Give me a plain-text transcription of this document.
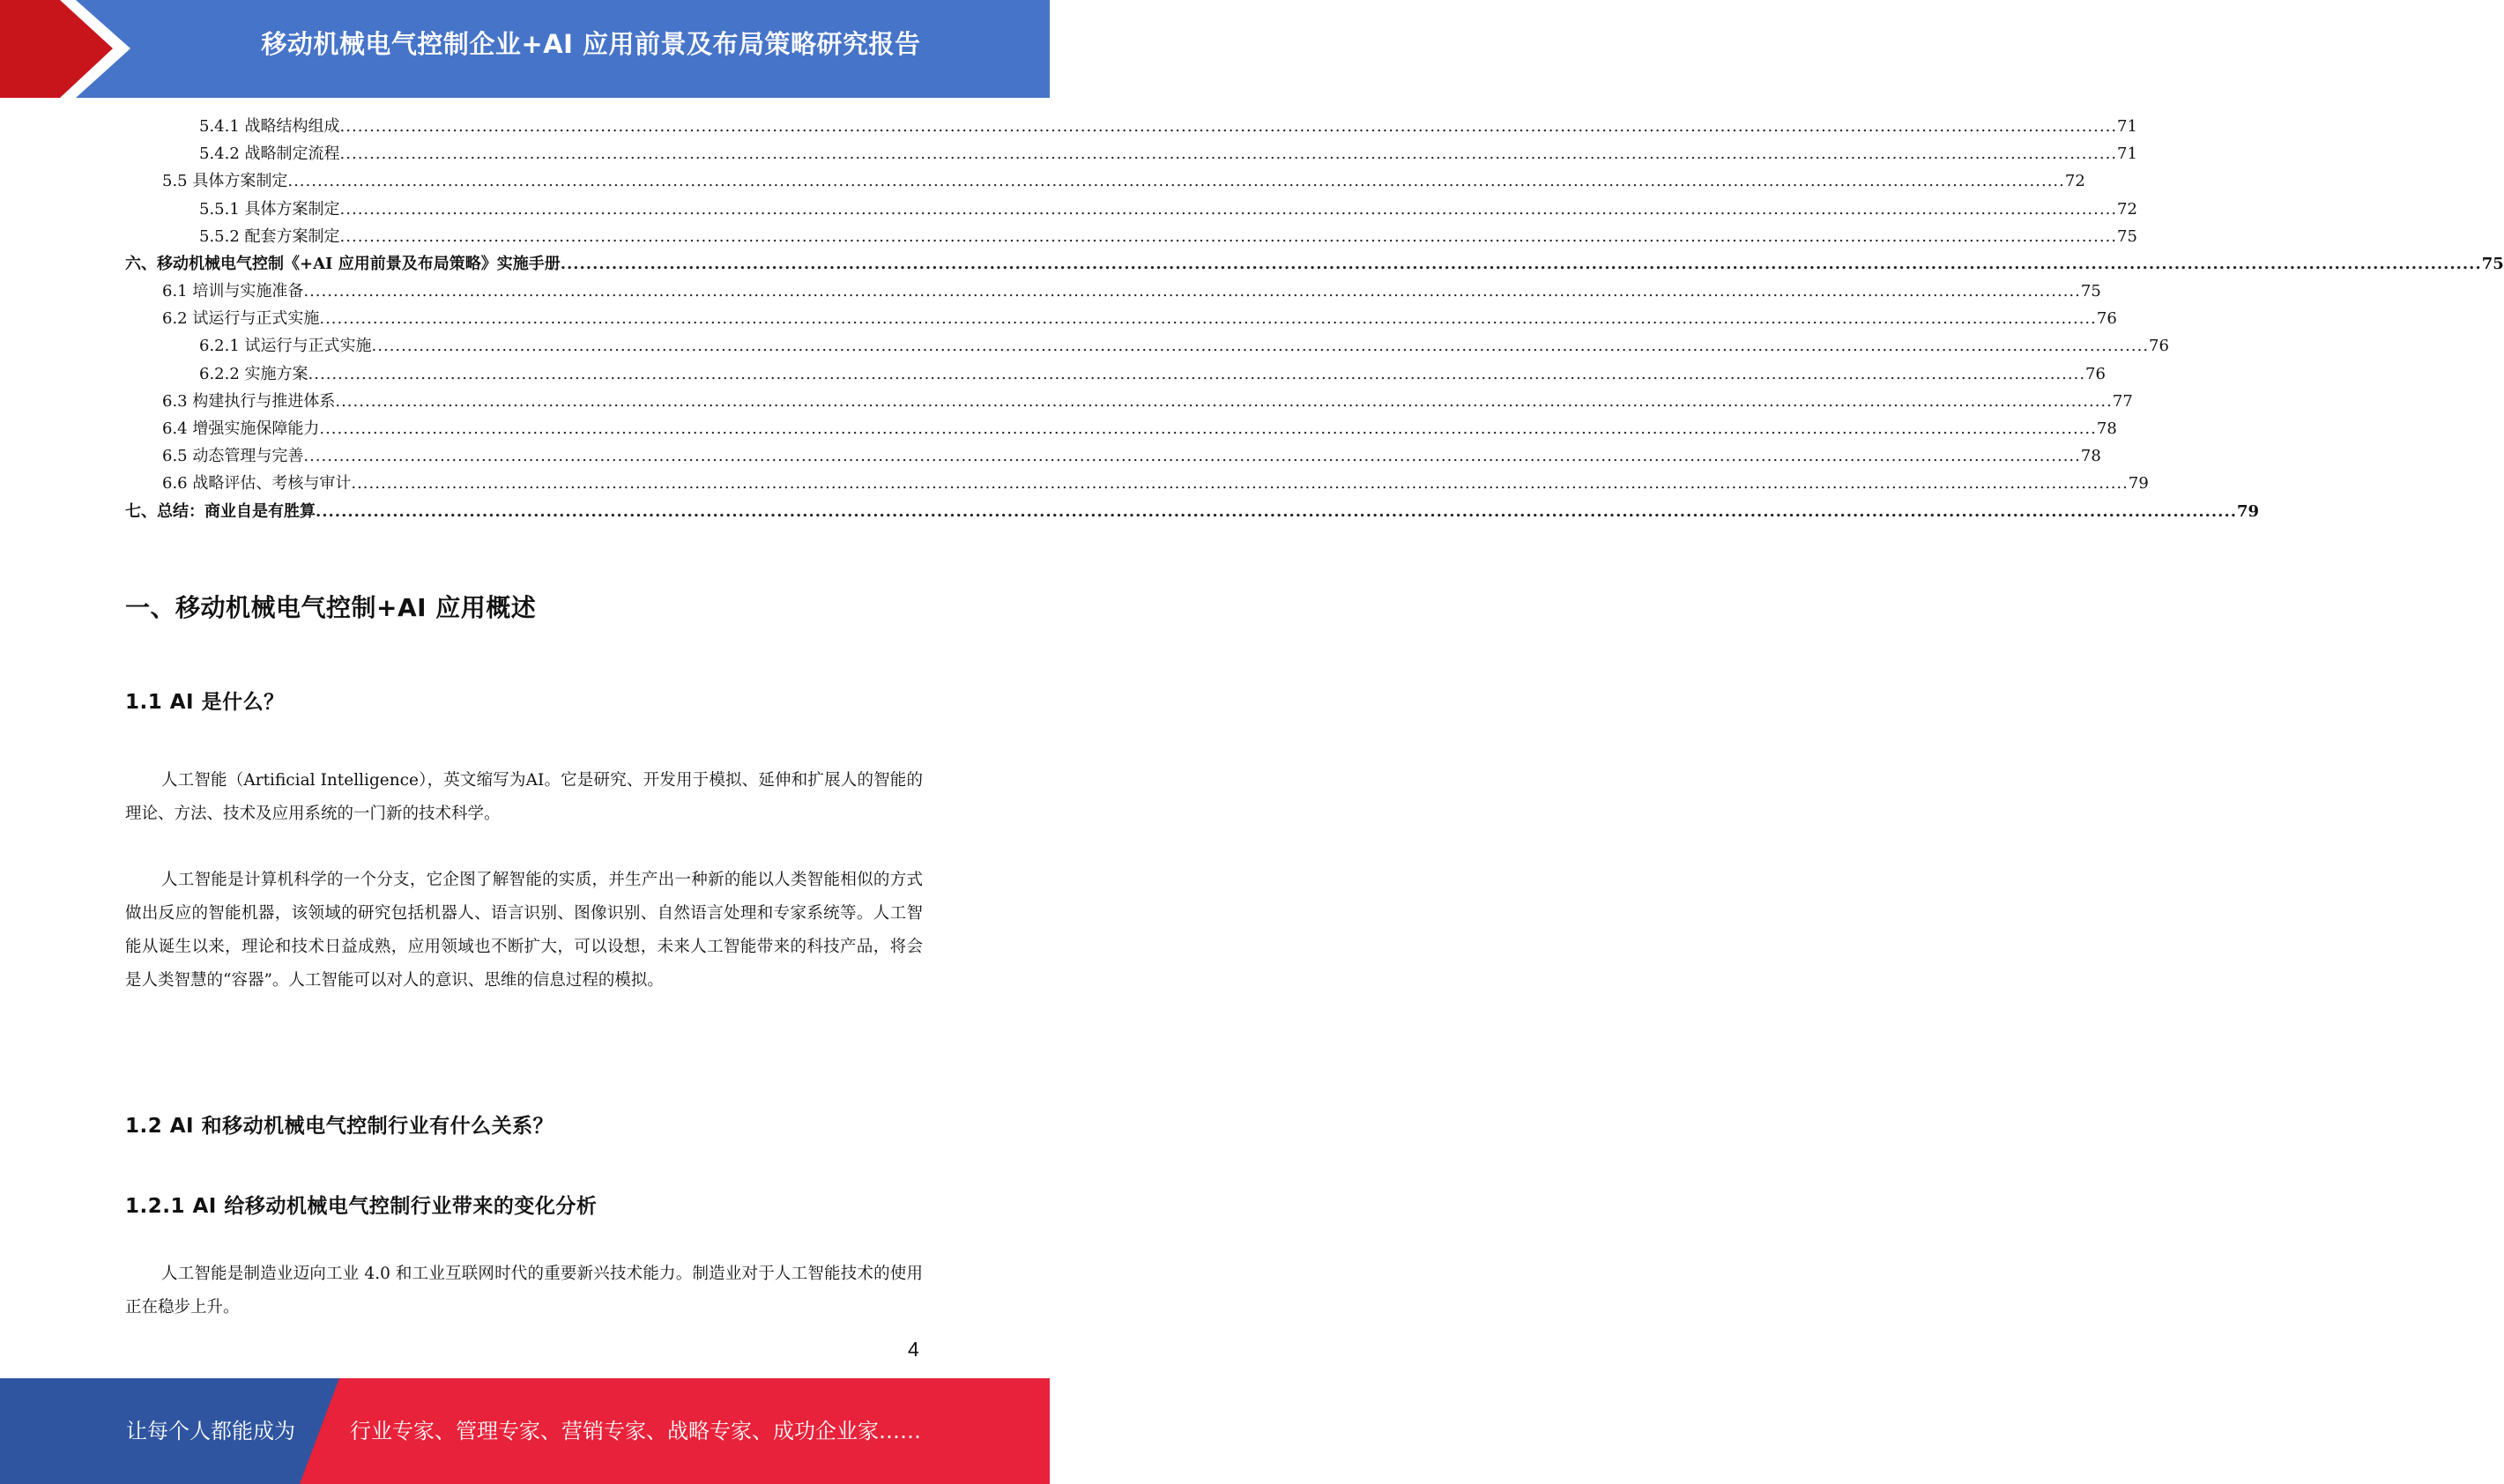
移动机械电气控制企业+AI 应用前景及布局策略研究报告
5.4.1 战略结构组成 ............................................................................................................................................................................................................................................................................................................ 71
5.4.2 战略制定流程 ............................................................................................................................................................................................................................................................................................................ 71
5.5 具体方案制定 ............................................................................................................................................................................................................................................................................................................ 72
5.5.1 具体方案制定 ............................................................................................................................................................................................................................................................................................................ 72
5.5.2 配套方案制定 ............................................................................................................................................................................................................................................................................................................ 75
六、移动机械电气控制《+AI 应用前景及布局策略》实施手册 ............................................................................................................................................................................................................................................................................................................ 75
6.1 培训与实施准备 ............................................................................................................................................................................................................................................................................................................ 75
6.2 试运行与正式实施 ............................................................................................................................................................................................................................................................................................................ 76
6.2.1 试运行与正式实施 ............................................................................................................................................................................................................................................................................................................ 76
6.2.2 实施方案 ............................................................................................................................................................................................................................................................................................................ 76
6.3 构建执行与推进体系 ............................................................................................................................................................................................................................................................................................................ 77
6.4 增强实施保障能力 ............................................................................................................................................................................................................................................................................................................ 78
6.5 动态管理与完善 ............................................................................................................................................................................................................................................................................................................ 78
6.6 战略评估、考核与审计 ............................................................................................................................................................................................................................................................................................................ 79
七、总结：商业自是有胜算 ............................................................................................................................................................................................................................................................................................................ 79
一、移动机械电气控制+AI 应用概述
1.1 AI 是什么？
人工智能（Artificial Intelligence），英文缩写为AI。它是研究、开发用于模拟、延伸和扩展人的智能的理论、方法、技术及应用系统的一门新的技术科学。
人工智能是计算机科学的一个分支，它企图了解智能的实质，并生产出一种新的能以人类智能相似的方式做出反应的智能机器，该领域的研究包括机器人、语言识别、图像识别、自然语言处理和专家系统等。人工智能从诞生以来，理论和技术日益成熟，应用领域也不断扩大，可以设想，未来人工智能带来的科技产品，将会是人类智慧的“容器”。人工智能可以对人的意识、思维的信息过程的模拟。
1.2 AI 和移动机械电气控制行业有什么关系？
1.2.1 AI 给移动机械电气控制行业带来的变化分析
人工智能是制造业迈向工业 4.0 和工业互联网时代的重要新兴技术能力。制造业对于人工智能技术的使用正在稳步上升。
4
让每个人都能成为	行业专家、管理专家、营销专家、战略专家、成功企业家……
